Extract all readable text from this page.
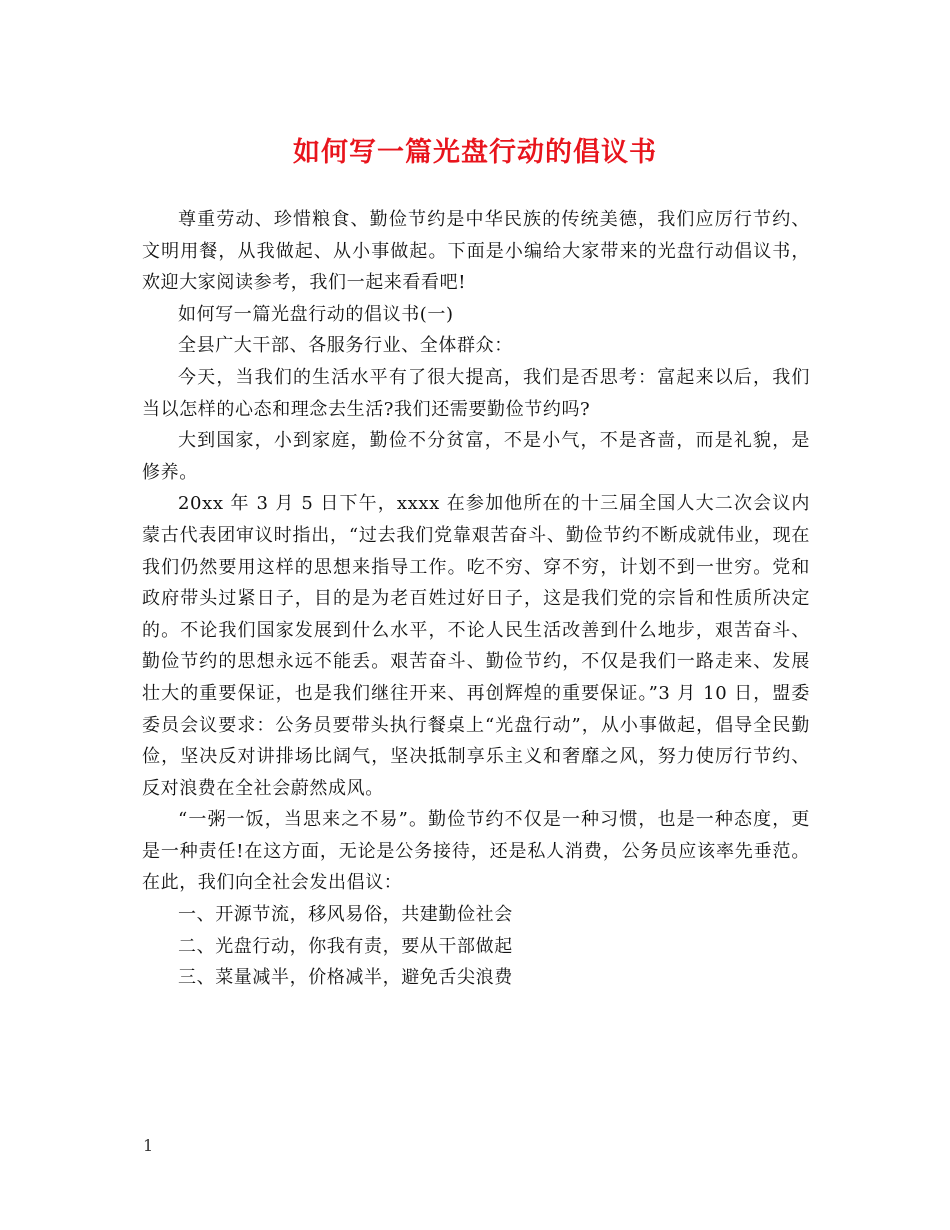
如何写一篇光盘行动的倡议书

尊重劳动、珍惜粮食、勤俭节约是中华民族的传统美德，我们应厉行节约、文明用餐，从我做起、从小事做起。下面是小编给大家带来的光盘行动倡议书，欢迎大家阅读参考，我们一起来看看吧!

如何写一篇光盘行动的倡议书(一)

全县广大干部、各服务行业、全体群众：

今天，当我们的生活水平有了很大提高，我们是否思考：富起来以后，我们当以怎样的心态和理念去生活?我们还需要勤俭节约吗?

大到国家，小到家庭，勤俭不分贫富，不是小气，不是吝啬，而是礼貌，是修养。

20xx 年 3 月 5 日下午，xxxx 在参加他所在的十三届全国人大二次会议内蒙古代表团审议时指出，“过去我们党靠艰苦奋斗、勤俭节约不断成就伟业，现在我们仍然要用这样的思想来指导工作。吃不穷、穿不穷，计划不到一世穷。党和政府带头过紧日子，目的是为老百姓过好日子，这是我们党的宗旨和性质所决定的。不论我们国家发展到什么水平，不论人民生活改善到什么地步，艰苦奋斗、勤俭节约的思想永远不能丢。艰苦奋斗、勤俭节约，不仅是我们一路走来、发展壮大的重要保证，也是我们继往开来、再创辉煌的重要保证。”3 月 10 日，盟委委员会议要求：公务员要带头执行餐桌上“光盘行动”，从小事做起，倡导全民勤俭，坚决反对讲排场比阔气，坚决抵制享乐主义和奢靡之风，努力使厉行节约、反对浪费在全社会蔚然成风。

“一粥一饭，当思来之不易”。勤俭节约不仅是一种习惯，也是一种态度，更是一种责任!在这方面，无论是公务接待，还是私人消费，公务员应该率先垂范。在此，我们向全社会发出倡议：

一、开源节流，移风易俗，共建勤俭社会

二、光盘行动，你我有责，要从干部做起

三、菜量减半，价格减半，避免舌尖浪费

1
